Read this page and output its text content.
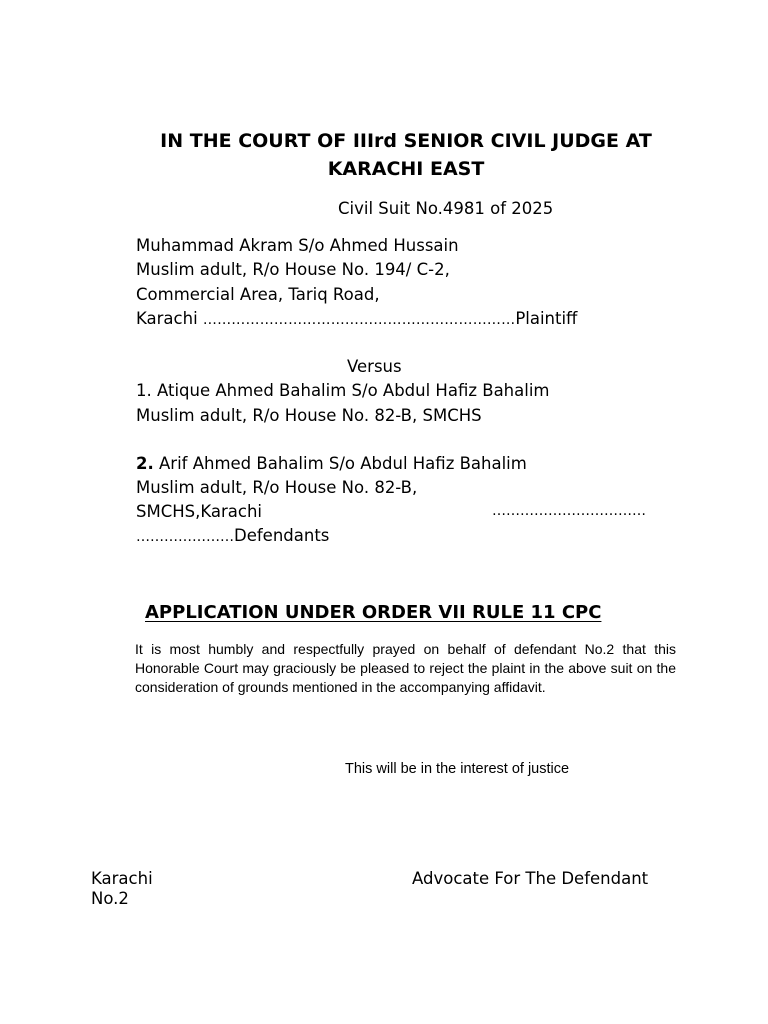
IN THE COURT OF IIIrd SENIOR CIVIL JUDGE AT
KARACHI EAST
Civil Suit No.4981 of 2025
Muhammad Akram S/o Ahmed Hussain
Muslim adult, R/o House No. 194/ C-2,
Commercial Area, Tariq Road,
Karachi …………………………………………………………Plaintiff
Versus
1. Atique Ahmed Bahalim S/o Abdul Hafiz Bahalim
Muslim adult, R/o House No. 82-B, SMCHS
2. Arif Ahmed Bahalim S/o Abdul Hafiz Bahalim
Muslim adult, R/o House No. 82-B,
SMCHS,Karachi	……………………………
…………………Defendants
APPLICATION UNDER ORDER VII RULE 11 CPC
It is most humbly and respectfully prayed on behalf of defendant No.2 that this Honorable Court may graciously be pleased to reject the plaint in the above suit on the consideration of grounds mentioned in the accompanying affidavit.
This will be in the interest of justice
Karachi	Advocate For The Defendant
No.2
